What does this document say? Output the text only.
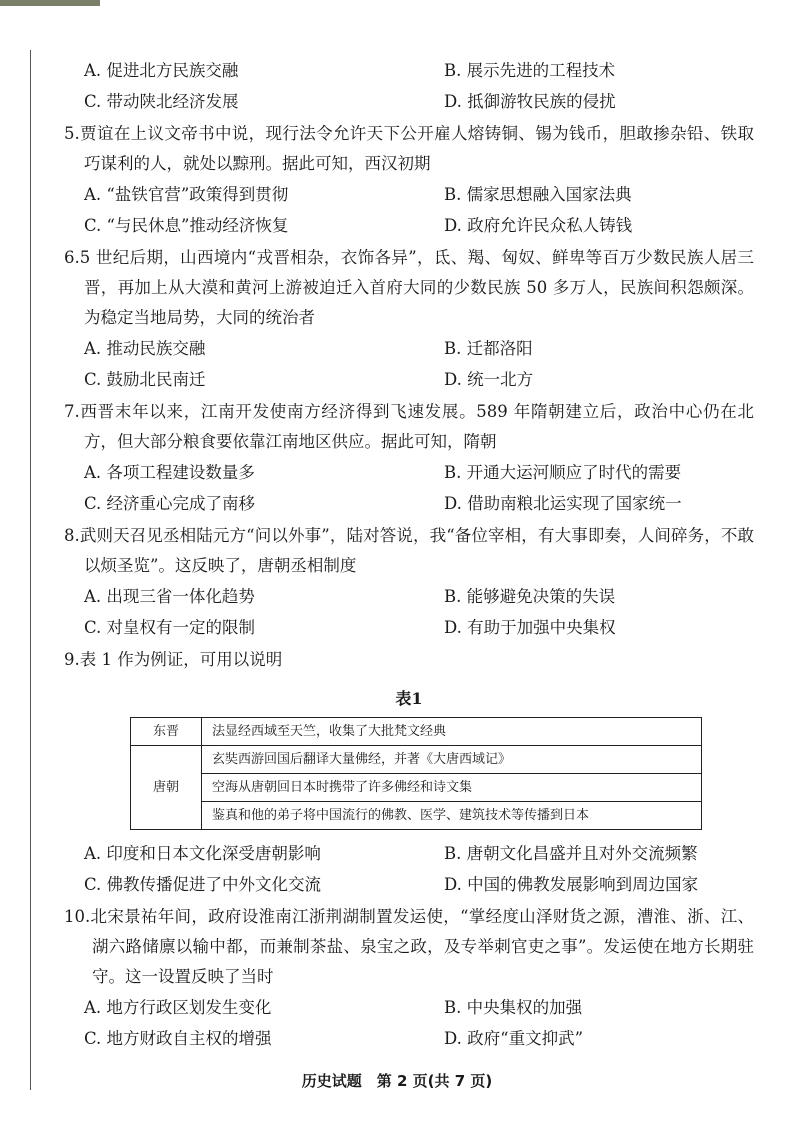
A. 促进北方民族交融	B. 展示先进的工程技术
C. 带动陕北经济发展	D. 抵御游牧民族的侵扰
5.贾谊在上议文帝书中说，现行法令允许天下公开雇人熔铸铜、锡为钱币，胆敢掺杂铅、铁取巧谋利的人，就处以黥刑。据此可知，西汉初期
A. “盐铁官营”政策得到贯彻	B. 儒家思想融入国家法典
C. “与民休息”推动经济恢复	D. 政府允许民众私人铸钱
6.5 世纪后期，山西境内“戎晋相杂，衣饰各异”，氐、羯、匈奴、鲜卑等百万少数民族人居三晋，再加上从大漠和黄河上游被迫迁入首府大同的少数民族 50 多万人，民族间积怨颇深。为稳定当地局势，大同的统治者
A. 推动民族交融	B. 迁都洛阳
C. 鼓励北民南迁	D. 统一北方
7.西晋末年以来，江南开发使南方经济得到飞速发展。589 年隋朝建立后，政治中心仍在北方，但大部分粮食要依靠江南地区供应。据此可知，隋朝
A. 各项工程建设数量多	B. 开通大运河顺应了时代的需要
C. 经济重心完成了南移	D. 借助南粮北运实现了国家统一
8.武则天召见丞相陆元方“问以外事”，陆对答说，我“备位宰相，有大事即奏，人间碎务，不敢以烦圣览”。这反映了，唐朝丞相制度
A. 出现三省一体化趋势	B. 能够避免决策的失误
C. 对皇权有一定的限制	D. 有助于加强中央集权
9.表 1 作为例证，可用以说明
表1
东晋	法显经西域至天竺，收集了大批梵文经典
唐朝	玄奘西游回国后翻译大量佛经，并著《大唐西域记》
	空海从唐朝回日本时携带了许多佛经和诗文集
	鉴真和他的弟子将中国流行的佛教、医学、建筑技术等传播到日本
A. 印度和日本文化深受唐朝影响	B. 唐朝文化昌盛并且对外交流频繁
C. 佛教传播促进了中外文化交流	D. 中国的佛教发展影响到周边国家
10.北宋景祐年间，政府设淮南江浙荆湖制置发运使，“掌经度山泽财货之源，漕淮、浙、江、湖六路储廪以输中都，而兼制茶盐、泉宝之政，及专举刺官吏之事”。发运使在地方长期驻守。这一设置反映了当时
A. 地方行政区划发生变化	B. 中央集权的加强
C. 地方财政自主权的增强	D. 政府“重文抑武”
历史试题　第 2 页(共 7 页)
